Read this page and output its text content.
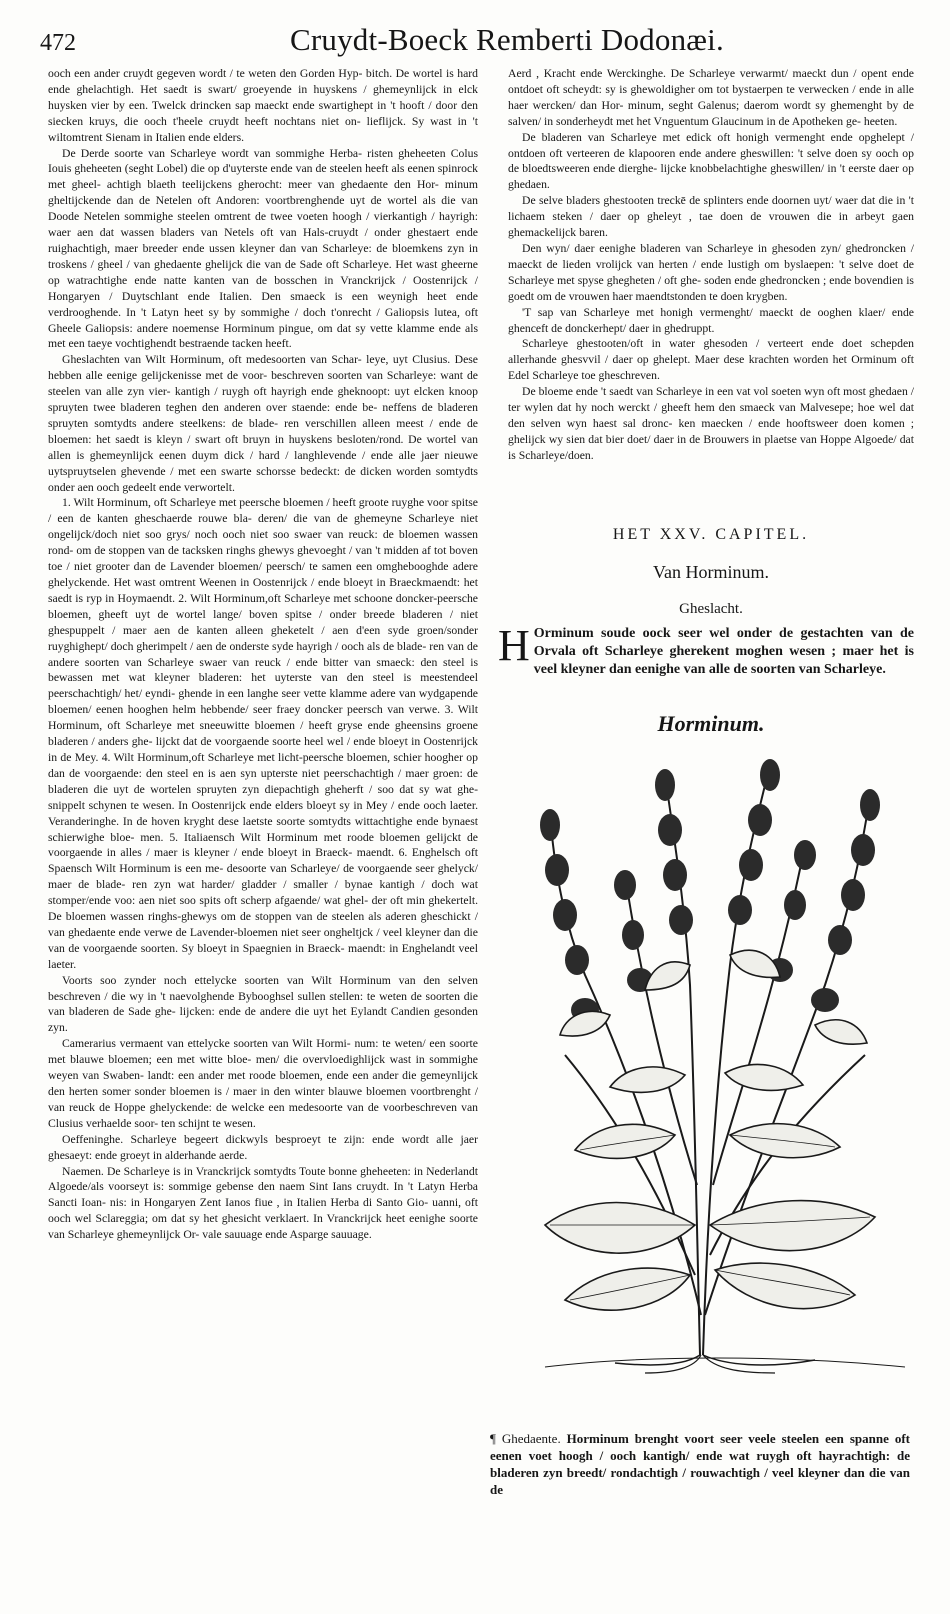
472	Cruydt-Boeck Remberti Dodonæi.

ooch een ander cruydt gegeven wordt / te weten den Gorden Hyp- bitch. De wortel is hard ende ghelachtigh. Het saedt is swart/ groeyende in huyskens / ghemeynlijck in elck huysken vier by een. Twelck drincken sap maeckt ende swartighept in 't hooft / door den siecken kruys, die ooch t'heele cruydt heeft nochtans niet on- lieflijck. Sy wast in 't wiltomtrent Sienam in Italien ende elders.

De Derde soorte van Scharleye wordt van sommighe Herba- risten gheheeten Colus Iouis gheheeten (seght Lobel) die op d'uyterste ende van de steelen heeft als eenen spinrock met gheel- achtigh blaeth teelijckens gherocht: meer van ghedaente den Hor- minum gheltijckende dan de Netelen oft Andoren: voortbrenghende uyt de wortel als die van Doode Netelen sommighe steelen omtrent de twee voeten hoogh / vierkantigh / hayrigh: waer aen dat wassen bladers van Netels oft van Hals-cruydt / onder ghestaert ende ruighachtigh, maer breeder ende ussen kleyner dan van Scharleye: de bloemkens zyn in troskens / gheel / van ghedaente ghelijck die van de Sade oft Scharleye. Het wast gheerne op watrachtighe ende natte kanten van de bosschen in Vranckrijck / Oostenrijck / Hongaryen / Duytschlant ende Italien. Den smaeck is een weynigh heet ende verdrooghende. In 't Latyn heet sy by sommighe / doch t'onrecht / Galiopsis lutea, oft Gheele Galiopsis: andere noemense Horminum pingue, om dat sy vette klamme ende als met een taeye vochtighendt bestraende tacken heeft.

Gheslachten van Wilt Horminum, oft medesoorten van Schar- leye, uyt Clusius. Dese hebben alle eenige gelijckenisse met de voor- beschreven soorten van Scharleye: want de steelen van alle zyn vier- kantigh / ruygh oft hayrigh ende gheknoopt: uyt elcken knoop spruyten twee bladeren teghen den anderen over staende: ende be- neffens de bladeren spruyten somtydts andere steelkens: de blade- ren verschillen alleen meest / ende de bloemen: het saedt is kleyn / swart oft bruyn in huyskens besloten/rond. De wortel van allen is ghemeynlijck eenen duym dick / hard / langhlevende / ende alle jaer nieuwe uytspruytselen ghevende / met een swarte schorsse bedeckt: de dicken worden somtydts onder aen ooch gedeelt ende verwortelt.

1. Wilt Horminum, oft Scharleye met peersche bloemen / heeft groote ruyghe voor spitse / een de kanten gheschaerde rouwe bla- deren/ die van de ghemeyne Scharleye niet ongelijck/doch niet soo grys/ noch ooch niet soo swaer van reuck: de bloemen wassen rond- om de stoppen van de tacksken ringhs ghewys ghevoeght / van 't midden af tot boven toe / niet grooter dan de Lavender bloemen/ peersch/ te samen een omghebooghde adere ghelyckende. Het wast omtrent Weenen in Oostenrijck / ende bloeyt in Braeckmaendt: het saedt is ryp in Hoymaendt. 2. Wilt Horminum,oft Scharleye met schoone doncker-peersche bloemen, gheeft uyt de wortel lange/ boven spitse / onder breede bladeren / niet ghespuppelt / maer aen de kanten alleen gheketelt / aen d'een syde groen/sonder ruyghighept/ doch gherimpelt / aen de onderste syde hayrigh / ooch als de blade- ren van de andere soorten van Scharleye swaer van reuck / ende bitter van smaeck: den steel is bewassen met wat kleyner bladeren: het uyterste van den steel is meestendeel peerschachtigh/ het/ eyndi- ghende in een langhe seer vette klamme adere van wydgapende bloemen/ eenen hooghen helm hebbende/ seer fraey doncker peersch van verwe. 3. Wilt Horminum, oft Scharleye met sneeuwitte bloemen / heeft gryse ende gheensins groene bladeren / anders ghe- lijckt dat de voorgaende soorte heel wel / ende bloeyt in Oostenrijck in de Mey. 4. Wilt Horminum,oft Scharleye met licht-peersche bloemen, schier hoogher op dan de voorgaende: den steel en is aen syn upterste niet peerschachtigh / maer groen: de bladeren die uyt de wortelen spruyten zyn diepachtigh gheherft / soo dat sy wat ghe- snippelt schynen te wesen. In Oostenrijck ende elders bloeyt sy in Mey / ende ooch laeter. Veranderinghe. In de hoven kryght dese laetste soorte somtydts wittachtighe ende bynaest schierwighe bloe- men. 5. Italiaensch Wilt Horminum met roode bloemen gelijckt de voorgaende in alles / maer is kleyner / ende bloeyt in Braeck- maendt. 6. Enghelsch oft Spaensch Wilt Horminum is een me- desoorte van Scharleye/ de voorgaende seer ghelyck/ maer de blade- ren zyn wat harder/ gladder / smaller / bynae kantigh / doch wat stomper/ende voo: aen niet soo spits oft scherp afgaende/ wat ghel- der oft min ghekertelt. De bloemen wassen ringhs-ghewys om de stoppen van de steelen als aderen gheschickt / van ghedaente ende verwe de Lavender-bloemen niet seer ongheltjck / veel kleyner dan die van de voorgaende soorten. Sy bloeyt in Spaegnien in Braeck- maendt: in Enghelandt veel laeter.

Voorts soo zynder noch ettelycke soorten van Wilt Horminum van den selven beschreven / die wy in 't naevolghende Bybooghsel sullen stellen: te weten de soorten die van bladeren de Sade ghe- lijcken: ende de andere die uyt het Eylandt Candien gesonden zyn.

Camerarius vermaent van ettelycke soorten van Wilt Hormi- num: te weten/ een soorte met blauwe bloemen; een met witte bloe- men/ die overvloedighlijck wast in sommighe weyen van Swaben- landt: een ander met roode bloemen, ende een ander die gemeynlijck den herten somer sonder bloemen is / maer in den winter blauwe bloemen voortbrenght / van reuck de Hoppe ghelyckende: de welcke een medesoorte van de voorbeschreven van Clusius verhaelde soor- ten schijnt te wesen.

Oeffeninghe. Scharleye begeert dickwyls besproeyt te zijn: ende wordt alle jaer ghesaeyt: ende groeyt in alderhande aerde.

Naemen. De Scharleye is in Vranckrijck somtydts Toute bonne gheheeten: in Nederlandt Algoede/als voorseyt is: sommige gebense den naem Sint Ians cruydt. In 't Latyn Herba Sancti Ioan- nis: in Hongaryen Zent Ianos fiue , in Italien Herba di Santo Gio- uanni, oft ooch wel Sclareggia; om dat sy het ghesicht verklaert. In Vranckrijck heet eenighe soorte van Scharleye ghemeynlijck Or- vale sauuage ende Asparge sauuage.

Aerd , Kracht ende Werckinghe. De Scharleye verwarmt/ maeckt dun / opent ende ontdoet oft scheydt: sy is ghewoldigher om tot bystaerpen te verwecken / ende in alle haer wercken/ dan Hor- minum, seght Galenus; daerom wordt sy ghemenght by de salven/ in sonderheydt met het Vnguentum Glaucinum in de Apotheken ge- heeten.

De bladeren van Scharleye met edick oft honigh vermenght ende opghelept / ontdoen oft verteeren de klapooren ende andere gheswillen: 't selve doen sy ooch op de bloedtsweeren ende dierghe- lijcke knobbelachtighe gheswillen/ in 't eerste daer op ghedaen.

De selve bladers ghestooten treckē de splinters ende doornen uyt/ waer dat die in 't lichaem steken / daer op gheleyt , tae doen de vrouwen die in arbeyt gaen ghemackelijck baren.

Den wyn/ daer eenighe bladeren van Scharleye in ghesoden zyn/ ghedroncken / maeckt de lieden vrolijck van herten / ende lustigh om byslaepen: 't selve doet de Scharleye met spyse ghegheten / oft ghe- soden ende ghedroncken ; ende bovendien is goedt om de vrouwen haer maendtstonden te doen krygben.

'T sap van Scharleye met honigh vermenght/ maeckt de ooghen klaer/ ende ghenceft de donckerhept/ daer in ghedruppt.

Scharleye ghestooten/oft in water ghesoden / verteert ende doet schepden allerhande ghesvvil / daer op ghelept. Maer dese krachten worden het Orminum oft Edel Scharleye toe gheschreven.

De bloeme ende 't saedt van Scharleye in een vat vol soeten wyn oft most ghedaen / ter wylen dat hy noch werckt / gheeft hem den smaeck van Malvesepe; hoe wel dat den selven wyn haest sal dronc- ken maecken / ende hooftsweer doen komen ; ghelijck wy sien dat bier doet/ daer in de Brouwers in plaetse van Hoppe Algoede/ dat is Scharleye/doen.

HET XXV. CAPITEL.
Van Horminum.
Gheslacht.
H Orminum soude oock seer wel onder de gestachten van de Orvala oft Scharleye gherekent moghen wesen ; maer het is veel kleyner dan eenighe van alle de soorten van Scharleye.
Horminum.
¶ Ghedaente. Horminum brenght voort seer veele steelen een spanne oft eenen voet hoogh / ooch kantigh/ ende wat ruygh oft hayrachtigh: de bladeren zyn breedt/ rondachtigh / rouwachtigh / veel kleyner dan die van de
